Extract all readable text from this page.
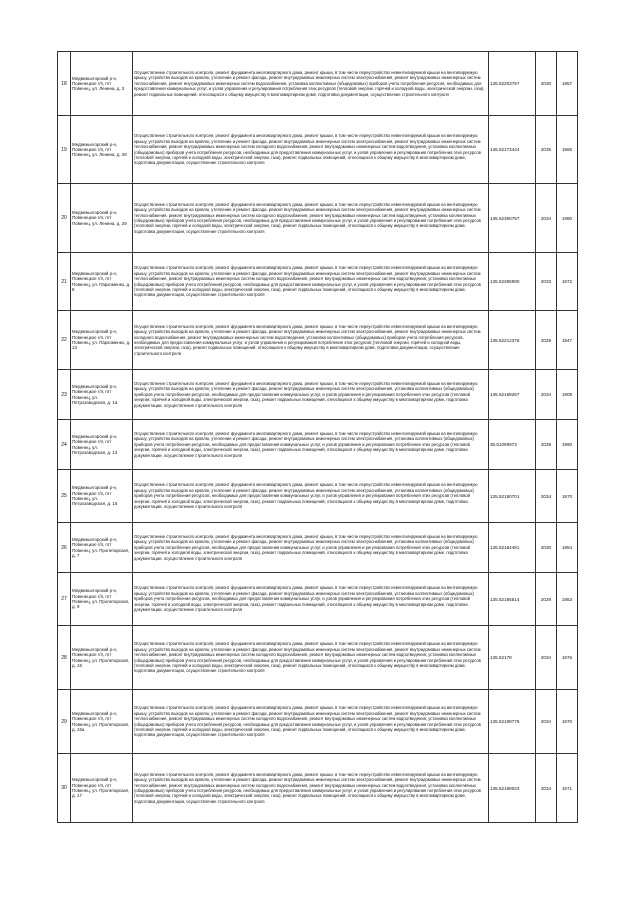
18	Медвежьегорский р-н, Повенецкое г/п, пгт Повенец, ул. Ленина, д. 3	Осуществление строительного контроля, ремонт фундамента многоквартирного дома, ремонт крыши, в том числе переустройство невентилируемой крыши на вентилируемую крышу, устройство выходов на кровлю, утепление и ремонт фасада, ремонт внутридомовых инженерных систем электроснабжения, ремонт внутридомовых инженерных систем теплоснабжения, ремонт внутридомовых инженерных систем водоснабжения, установка коллективных (общедомовых) приборов учета потребления ресурсов, необходимых для предоставления коммунальных услуг, и узлов управления и регулирования потребления этих ресурсов (тепловой энергии, горячей и холодной воды, электрической энергии, газа), ремонт подвальных помещений, относящихся к общему имуществу в многоквартирном доме, подготовка документации, осуществление строительного контроля	135.52203757	2030	1957
19	Медвежьегорский р-н, Повенецкое г/п, пгт Повенец, ул. Ленина, д. 28	Осуществление строительного контроля, ремонт фундамента многоквартирного дома, ремонт крыши, в том числе переустройство невентилируемой крыши на вентилируемую крышу, устройство выходов на кровлю, утепление и ремонт фасада, ремонт внутридомовых инженерных систем электроснабжения, ремонт внутридомовых инженерных систем теплоснабжения, ремонт внутридомовых инженерных систем холодного водоснабжения, ремонт внутридомовых инженерных систем водоотведения, установка коллективных (общедомовых) приборов учета потребления ресурсов, необходимых для предоставления коммунальных услуг, и узлов управления и регулирования потребления этих ресурсов (тепловой энергии, горячей и холодной воды, электрической энергии, газа), ремонт подвальных помещений, относящихся к общему имуществу в многоквартирном доме, подготовка документации, осуществление строительного контроля	135.52173424	2035	1965
20	Медвежьегорский р-н, Повенецкое г/п, пгт Повенец, ул. Ленина, д. 29	Осуществление строительного контроля, ремонт фундамента многоквартирного дома, ремонт крыши, в том числе переустройство невентилируемой крыши на вентилируемую крышу, устройство выходов на кровлю, утепление и ремонт фасада, ремонт внутридомовых инженерных систем электроснабжения, ремонт внутридомовых инженерных систем теплоснабжения, ремонт внутридомовых инженерных систем холодного водоснабжения, ремонт внутридомовых инженерных систем водоотведения, установка коллективных (общедомовых) приборов учета потребления ресурсов, необходимых для предоставления коммунальных услуг, и узлов управления и регулирования потребления этих ресурсов (тепловой энергии, горячей и холодной воды, электрической энергии, газа), ремонт подвальных помещений, относящихся к общему имуществу в многоквартирном доме, подготовка документации, осуществление строительного контроля	135.52360757	2034	1980
21	Медвежьегорский р-н, Повенецкое г/п, пгт Повенец, ул. Пархоменко, д. 8	Осуществление строительного контроля, ремонт фундамента многоквартирного дома, ремонт крыши, в том числе переустройство невентилируемой крыши на вентилируемую крышу, устройство выходов на кровлю, утепление и ремонт фасада, ремонт внутридомовых инженерных систем электроснабжения, ремонт внутридомовых инженерных систем теплоснабжения, ремонт внутридомовых инженерных систем холодного водоснабжения, ремонт внутридомовых инженерных систем водоотведения, установка коллективных (общедомовых) приборов учета потребления ресурсов, необходимых для предоставления коммунальных услуг, и узлов управления и регулирования потребления этих ресурсов (тепловой энергии, горячей и холодной воды, электрической энергии, газа), ремонт подвальных помещений, относящихся к общему имуществу в многоквартирном доме, подготовка документации, осуществление строительного контроля	135.52365990	2033	1972
22	Медвежьегорский р-н, Повенецкое г/п, пгт Повенец, ул. Пархоменко, д. 13	Осуществление строительного контроля, ремонт фундамента многоквартирного дома, ремонт крыши, в том числе переустройство невентилируемой крыши на вентилируемую крышу, устройство выходов на кровлю, утепление и ремонт фасада, ремонт внутридомовых инженерных систем электроснабжения, ремонт внутридомовых инженерных систем холодного водоснабжения, ремонт внутридомовых инженерных систем водоотведения, установка коллективных (общедомовых) приборов учета потребления ресурсов, необходимых для предоставления коммунальных услуг, и узлов управления и регулирования потребления этих ресурсов (тепловой энергии, горячей и холодной воды, электрической энергии, газа), ремонт подвальных помещений, относящихся к общему имуществу в многоквартирном доме, подготовка документации, осуществление строительного контроля	135.52212376	2029	1947
23	Медвежьегорский р-н, Повенецкое г/п, пгт Повенец, ул. Петрозаводская, д. 1а	Осуществление строительного контроля, ремонт фундамента многоквартирного дома, ремонт крыши, в том числе переустройство невентилируемой крыши на вентилируемую крышу, устройство выходов на кровлю, утепление и ремонт фасада, ремонт внутридомовых инженерных систем электроснабжения, установка коллективных (общедомовых) приборов учета потребления ресурсов, необходимых для предоставления коммунальных услуг, и узлов управления и регулирования потребления этих ресурсов (тепловой энергии, горячей и холодной воды, электрической энергии, газа), ремонт подвальных помещений, относящихся к общему имуществу в многоквартирном доме, подготовка документации, осуществление строительного контроля	135.52189267	2034	1909
24	Медвежьегорский р-н, Повенецкое г/п, пгт Повенец, ул. Петрозаводская, д. 13	Осуществление строительного контроля, ремонт фундамента многоквартирного дома, ремонт крыши, в том числе переустройство невентилируемой крыши на вентилируемую крышу, устройство выходов на кровлю, утепление и ремонт фасада, ремонт внутридомовых инженерных систем электроснабжения, установка коллективных (общедомовых) приборов учета потребления ресурсов, необходимых для предоставления коммунальных услуг, и узлов управления и регулирования потребления этих ресурсов (тепловой энергии, горячей и холодной воды, электрической энергии, газа), ремонт подвальных помещений, относящихся к общему имуществу в многоквартирном доме, подготовка документации, осуществление строительного контроля	35.51069973	2039	1990
25	Медвежьегорский р-н, Повенецкое г/п, пгт Повенец, ул. Петрозаводская, д. 15	Осуществление строительного контроля, ремонт фундамента многоквартирного дома, ремонт крыши, в том числе переустройство невентилируемой крыши на вентилируемую крышу, устройство выходов на кровлю, утепление и ремонт фасада, ремонт внутридомовых инженерных систем электроснабжения, установка коллективных (общедомовых) приборов учета потребления ресурсов, необходимых для предоставления коммунальных услуг, и узлов управления и регулирования потребления этих ресурсов (тепловой энергии, горячей и холодной воды, электрической энергии, газа), ремонт подвальных помещений, относящихся к общему имуществу в многоквартирном доме, подготовка документации, осуществление строительного контроля	135.52190701	2034	1970
26	Медвежьегорский р-н, Повенецкое г/п, пгт Повенец, ул. Пролетарская, д. 7	Осуществление строительного контроля, ремонт фундамента многоквартирного дома, ремонт крыши, в том числе переустройство невентилируемой крыши на вентилируемую крышу, устройство выходов на кровлю, утепление и ремонт фасада, ремонт внутридомовых инженерных систем электроснабжения, установка коллективных (общедомовых) приборов учета потребления ресурсов, необходимых для предоставления коммунальных услуг, и узлов управления и регулирования потребления этих ресурсов (тепловой энергии, горячей и холодной воды, электрической энергии, газа), ремонт подвальных помещений, относящихся к общему имуществу в многоквартирном доме, подготовка документации, осуществление строительного контроля	135.52184481	2030	1954
27	Медвежьегорский р-н, Повенецкое г/п, пгт Повенец, ул. Пролетарская, д. 9	Осуществление строительного контроля, ремонт фундамента многоквартирного дома, ремонт крыши, в том числе переустройство невентилируемой крыши на вентилируемую крышу, устройство выходов на кровлю, утепление и ремонт фасада, ремонт внутридомовых инженерных систем электроснабжения, установка коллективных (общедомовых) приборов учета потребления ресурсов, необходимых для предоставления коммунальных услуг, и узлов управления и регулирования потребления этих ресурсов (тепловой энергии, горячей и холодной воды, электрической энергии, газа), ремонт подвальных помещений, относящихся к общему имуществу в многоквартирном доме, подготовка документации, осуществление строительного контроля	135.52185514	2029	1953
28	Медвежьегорский р-н, Повенецкое г/п, пгт Повенец, ул. Пролетарская, д. 15	Осуществление строительного контроля, ремонт фундамента многоквартирного дома, ремонт крыши, в том числе переустройство невентилируемой крыши на вентилируемую крышу, устройство выходов на кровлю, утепление и ремонт фасада, ремонт внутридомовых инженерных систем электроснабжения, ремонт внутридомовых инженерных систем теплоснабжения, ремонт внутридомовых инженерных систем холодного водоснабжения, ремонт внутридомовых инженерных систем водоотведения, установка коллективных (общедомовых) приборов учета потребления ресурсов, необходимых для предоставления коммунальных услуг, и узлов управления и регулирования потребления этих ресурсов (тепловой энергии, горячей и холодной воды, электрической энергии, газа), ремонт подвальных помещений, относящихся к общему имуществу в многоквартирном доме, подготовка документации, осуществление строительного контроля	135.52178	2034	1976
29	Медвежьегорский р-н, Повенецкое г/п, пгт Повенец, ул. Пролетарская, д. 15а	Осуществление строительного контроля, ремонт фундамента многоквартирного дома, ремонт крыши, в том числе переустройство невентилируемой крыши на вентилируемую крышу, устройство выходов на кровлю, утепление и ремонт фасада, ремонт внутридомовых инженерных систем электроснабжения, ремонт внутридомовых инженерных систем теплоснабжения, ремонт внутридомовых инженерных систем холодного водоснабжения, ремонт внутридомовых инженерных систем водоотведения, установка коллективных (общедомовых) приборов учета потребления ресурсов, необходимых для предоставления коммунальных услуг, и узлов управления и регулирования потребления этих ресурсов (тепловой энергии, горячей и холодной воды, электрической энергии, газа), ремонт подвальных помещений, относящихся к общему имуществу в многоквартирном доме, подготовка документации, осуществление строительного контроля	135.52189779	2034	1970
30	Медвежьегорский р-н, Повенецкое г/п, пгт Повенец, ул. Пролетарская, д. 17	Осуществление строительного контроля, ремонт фундамента многоквартирного дома, ремонт крыши, в том числе переустройство невентилируемой крыши на вентилируемую крышу, устройство выходов на кровлю, утепление и ремонт фасада, ремонт внутридомовых инженерных систем электроснабжения, ремонт внутридомовых инженерных систем теплоснабжения, ремонт внутридомовых инженерных систем холодного водоснабжения, ремонт внутридомовых инженерных систем водоотведения, установка коллективных (общедомовых) приборов учета потребления ресурсов, необходимых для предоставления коммунальных услуг, и узлов управления и регулирования потребления этих ресурсов (тепловой энергии, горячей и холодной воды, электрической энергии, газа), ремонт подвальных помещений, относящихся к общему имуществу в многоквартирном доме, подготовка документации, осуществление строительного контроля	135.52189023	2034	1971
